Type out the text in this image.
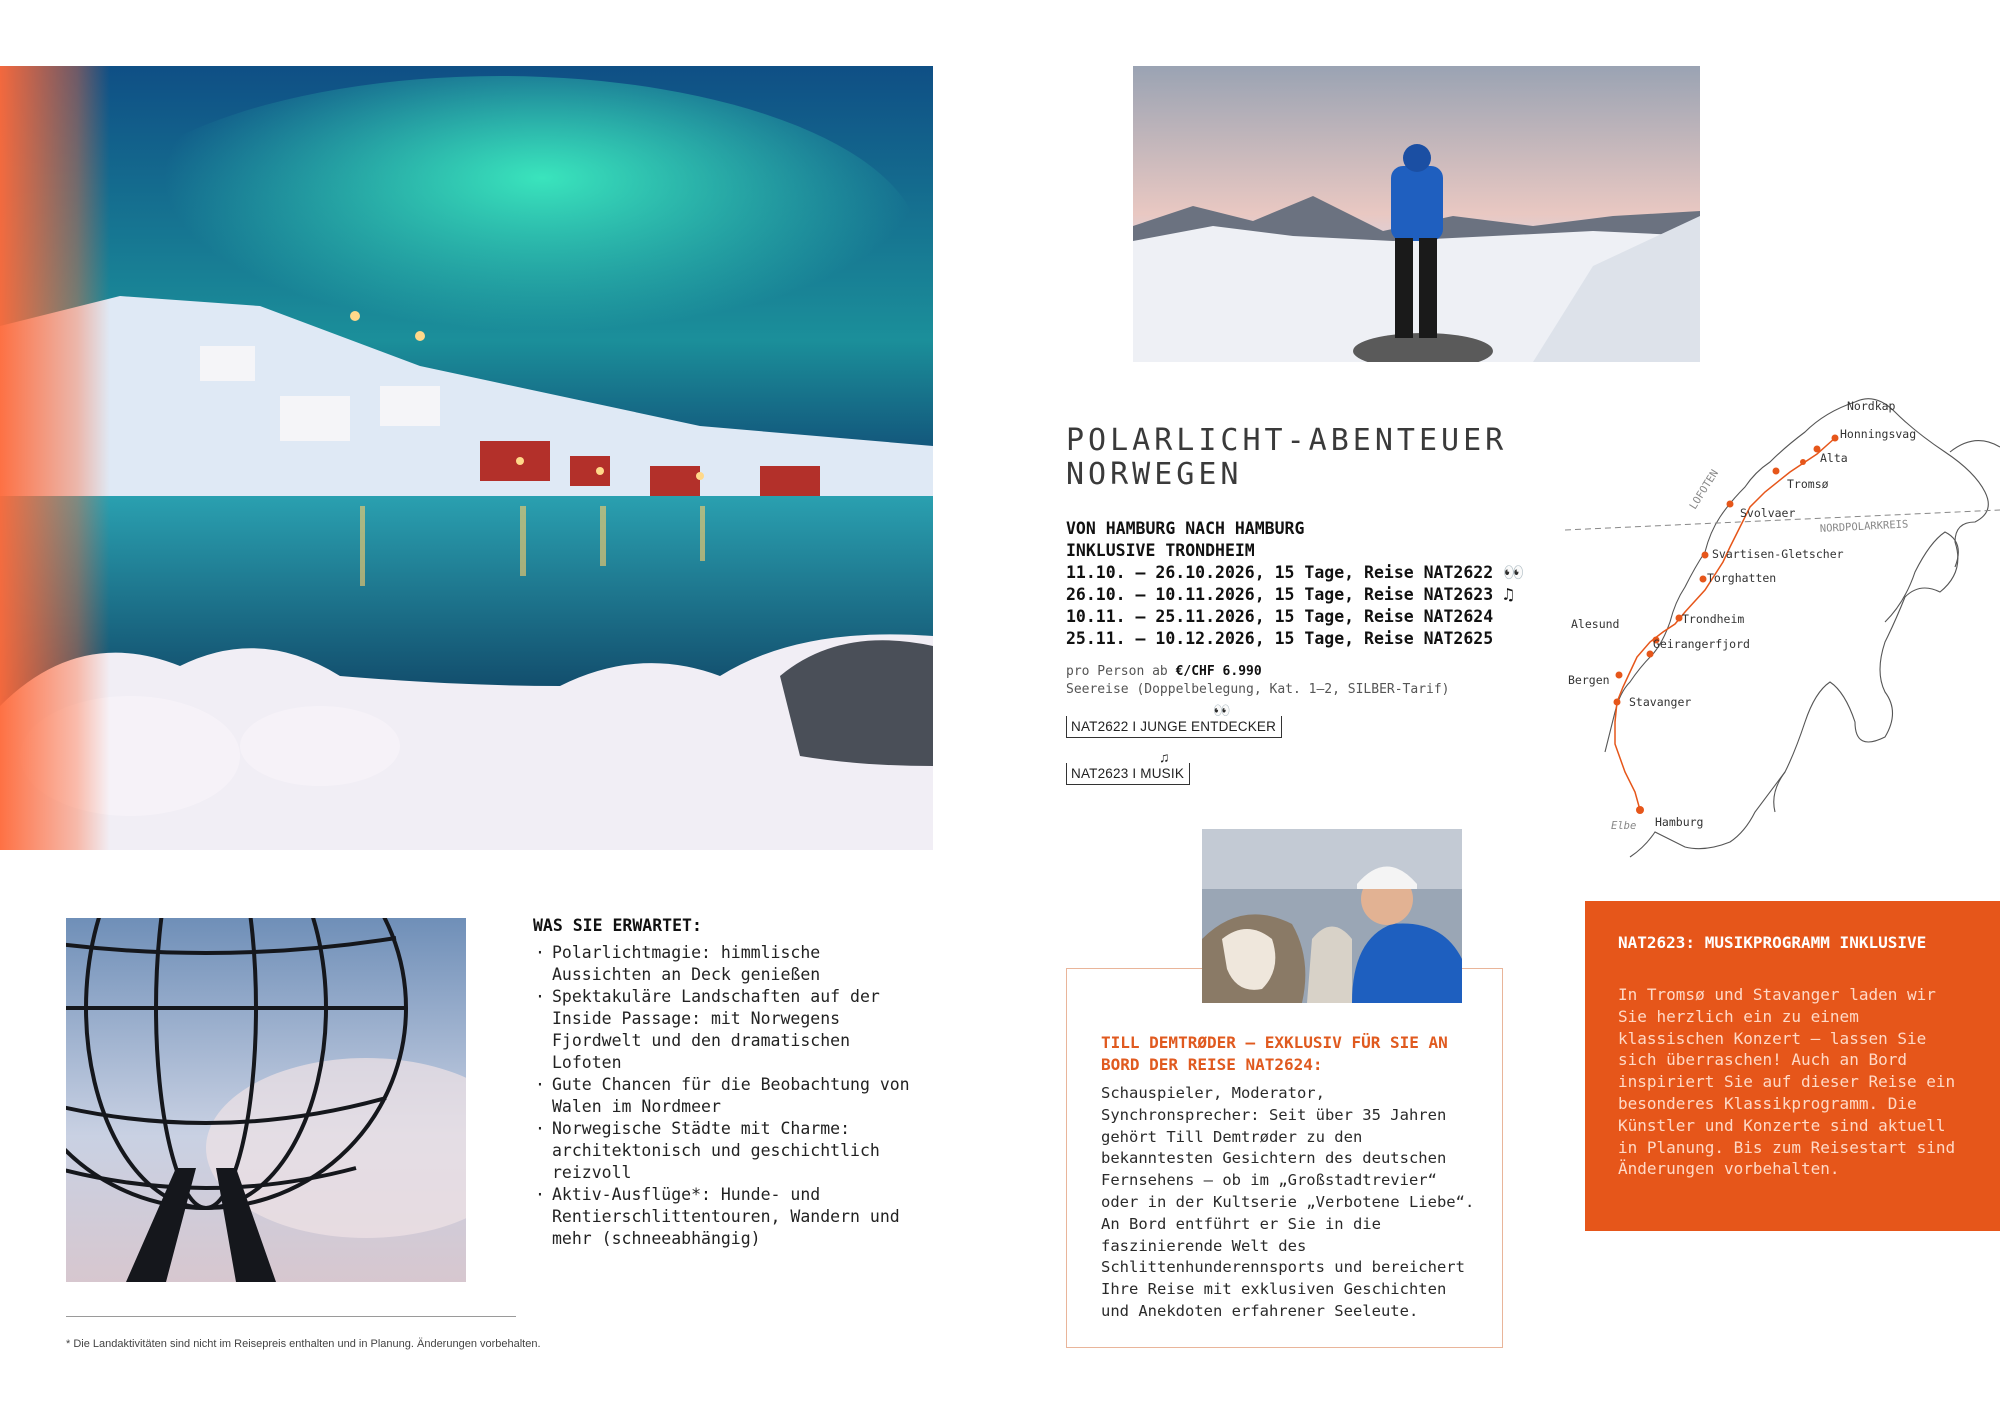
POLARLICHT-ABENTEUER
NORWEGEN
VON HAMBURG NACH HAMBURG
INKLUSIVE TRONDHEIM
11.10. – 26.10.2026, 15 Tage, Reise NAT2622 👀
26.10. – 10.11.2026, 15 Tage, Reise NAT2623 ♫
10.11. – 25.11.2026, 15 Tage, Reise NAT2624
25.11. – 10.12.2026, 15 Tage, Reise NAT2625
pro Person ab €/CHF 6.990
Seereise (Doppelbelegung, Kat. 1–2, SILBER-Tarif)
👀
NAT2622 I JUNGE ENTDECKER
♫
NAT2623 I MUSIK
Nordkap
Honningsvag
Alta
Tromsø
Svolvaer
Svartisen-Gletscher
Torghatten
Trondheim
Alesund
Geirangerfjord
Bergen
Stavanger
Hamburg
LOFOTEN
NORDPOLARKREIS
Elbe
WAS SIE ERWARTET:
· Polarlichtmagie: himmlische Aussichten an Deck genießen
· Spektakuläre Landschaften auf der Inside Passage: mit Norwegens Fjordwelt und den dramatischen Lofoten
· Gute Chancen für die Beobachtung von Walen im Nordmeer
· Norwegische Städte mit Charme: architektonisch und geschichtlich reizvoll
· Aktiv-Ausflüge*: Hunde- und Rentierschlittentouren, Wandern und mehr (schneeabhängig)
* Die Landaktivitäten sind nicht im Reisepreis enthalten und in Planung. Änderungen vorbehalten.
TILL DEMTRØDER – EXKLUSIV FÜR SIE AN BORD DER REISE NAT2624:
Schauspieler, Moderator, Synchronsprecher: Seit über 35 Jahren gehört Till Demtrøder zu den bekanntesten Gesichtern des deutschen Fernsehens – ob im „Großstadtrevier“ oder in der Kultserie „Verbotene Liebe“. An Bord entführt er Sie in die faszinierende Welt des Schlittenhunderennsports und bereichert Ihre Reise mit exklusiven Geschichten und Anekdoten erfahrener Seeleute.
NAT2623: MUSIKPROGRAMM INKLUSIVE
In Tromsø und Stavanger laden wir Sie herzlich ein zu einem klassischen Konzert – lassen Sie sich überraschen! Auch an Bord inspiriert Sie auf dieser Reise ein besonderes Klassikprogramm. Die Künstler und Konzerte sind aktuell in Planung. Bis zum Reisestart sind Änderungen vorbehalten.
